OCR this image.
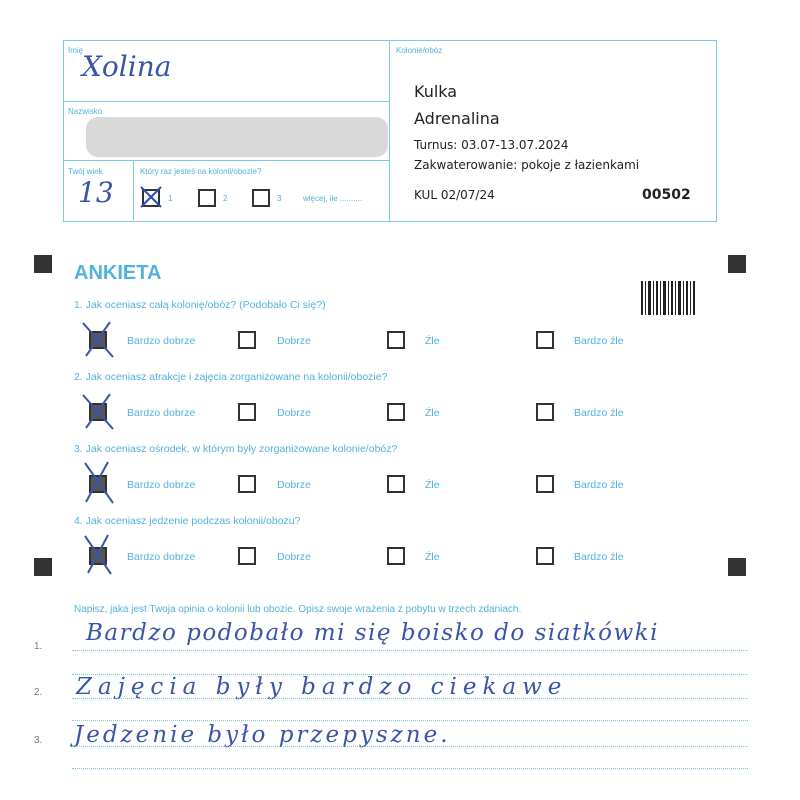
Imię
Xolina
Nazwisko
Twój wiek
13
Który raz jesteś na kolonii/obozie?
1	2	3	więcej, ile ..........
Kolonie/obóz
Kulka
Adrenalina
Turnus: 03.07-13.07.2024
Zakwaterowanie: pokoje z łazienkami
KUL 02/07/24	00502
ANKIETA
1. Jak oceniasz całą kolonię/obóz? (Podobało Ci się?)
2. Jak oceniasz atrakcje i zajęcia zorganizowane na kolonii/obozie?
3. Jak oceniasz ośrodek, w którym były zorganizowane kolonie/obóz?
4. Jak oceniasz jedzenie podczas kolonii/obozu?
Bardzo dobrze	Dobrze	Źle	Bardzo źle
Bardzo dobrze	Dobrze	Źle	Bardzo źle
Bardzo dobrze	Dobrze	Źle	Bardzo źle
Bardzo dobrze	Dobrze	Źle	Bardzo źle
Napisz, jaka jest Twoja opinia o kolonii lub obozie. Opisz swoje wrażenia z pobytu w trzech zdaniach.
1.
Bardzo podobało mi się boisko do siatkówki
2. Zajęcia były bardzo ciekawe
3. Jedzenie było przepyszne.
